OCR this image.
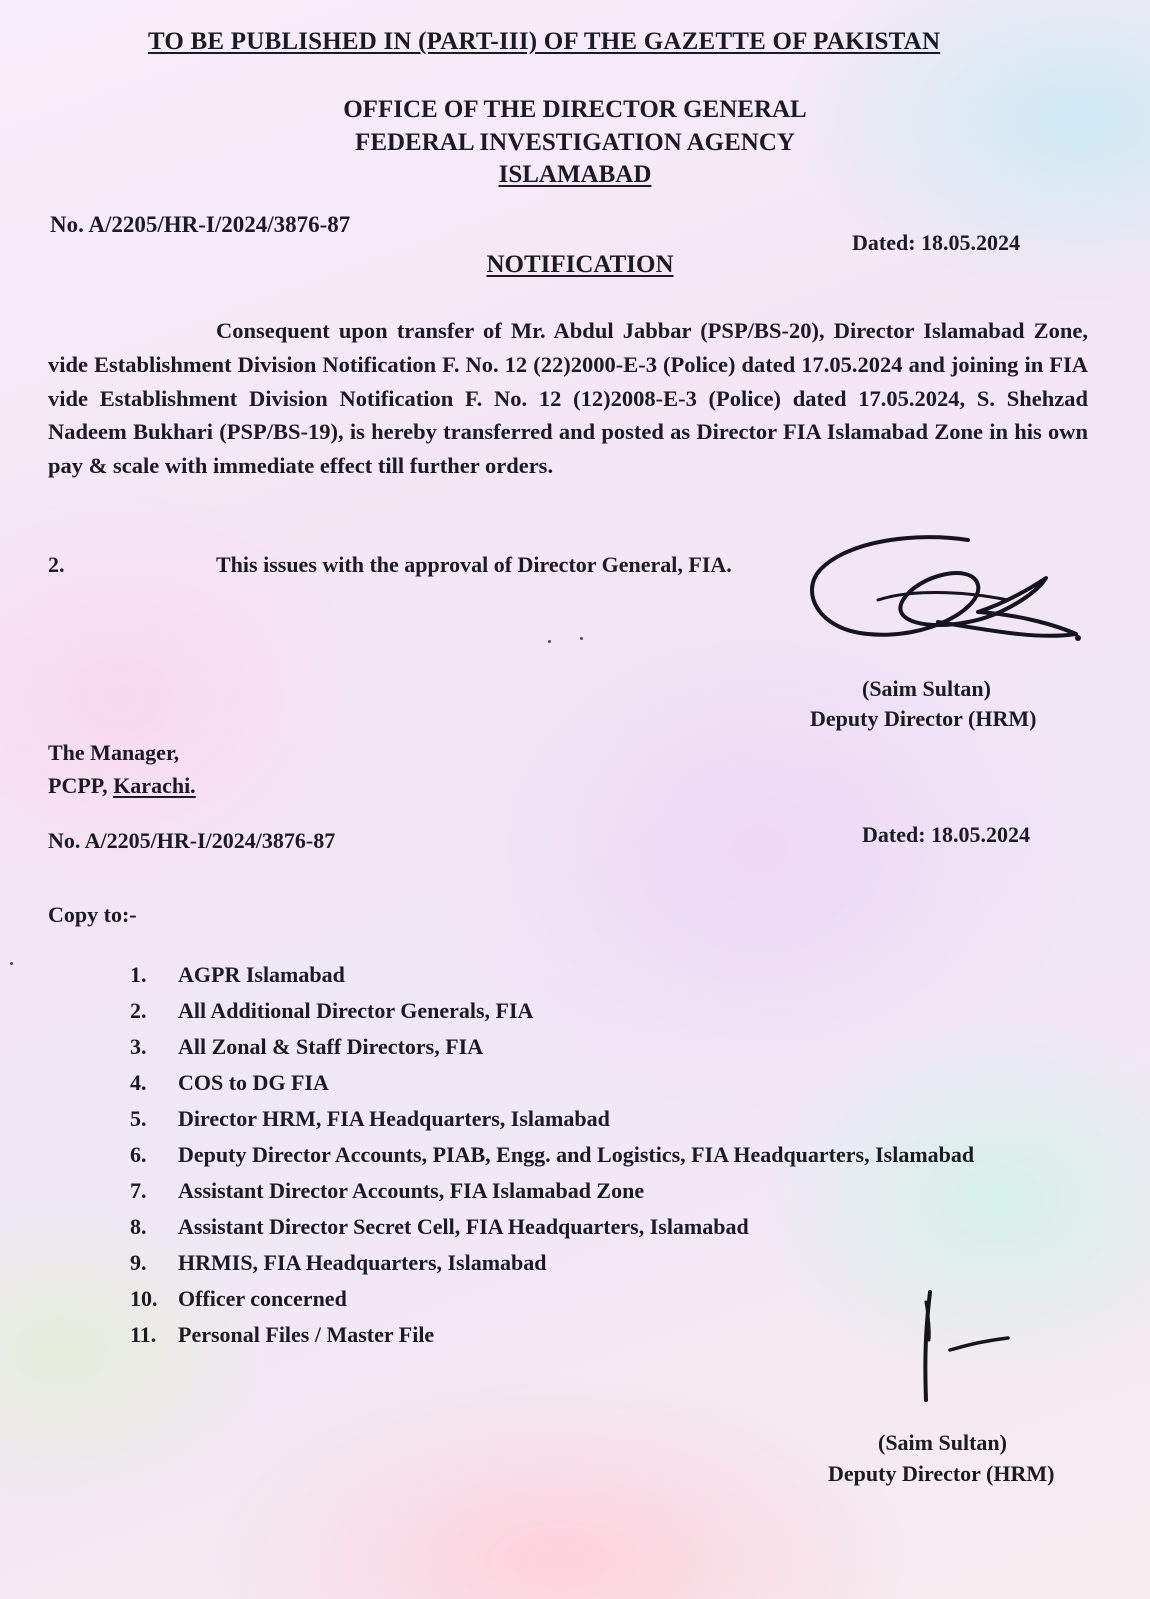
TO BE PUBLISHED IN (PART-III) OF THE GAZETTE OF PAKISTAN

OFFICE OF THE DIRECTOR GENERAL

FEDERAL INVESTIGATION AGENCY

ISLAMABAD

No. A/2205/HR-I/2024/3876-87

Dated: 18.05.2024

NOTIFICATION

Consequent upon transfer of Mr. Abdul Jabbar (PSP/BS-20), Director Islamabad Zone, vide Establishment Division Notification F. No. 12 (22)2000-E-3 (Police) dated 17.05.2024 and joining in FIA vide Establishment Division Notification F. No. 12 (12)2008-E-3 (Police) dated 17.05.2024, S. Shehzad Nadeem Bukhari (PSP/BS-19), is hereby transferred and posted as Director FIA Islamabad Zone in his own pay & scale with immediate effect till further orders.

2.	This issues with the approval of Director General, FIA.

(Saim Sultan)

Deputy Director (HRM)

The Manager,

PCPP, Karachi.

No. A/2205/HR-I/2024/3876-87	Dated: 18.05.2024

Copy to:-

1.	AGPR Islamabad
2.	All Additional Director Generals, FIA
3.	All Zonal & Staff Directors, FIA
4.	COS to DG FIA
5.	Director HRM, FIA Headquarters, Islamabad
6.	Deputy Director Accounts, PIAB, Engg. and Logistics, FIA Headquarters, Islamabad
7.	Assistant Director Accounts, FIA Islamabad Zone
8.	Assistant Director Secret Cell, FIA Headquarters, Islamabad
9.	HRMIS, FIA Headquarters, Islamabad
10. Officer concerned
11. Personal Files / Master File

(Saim Sultan)

Deputy Director (HRM)
